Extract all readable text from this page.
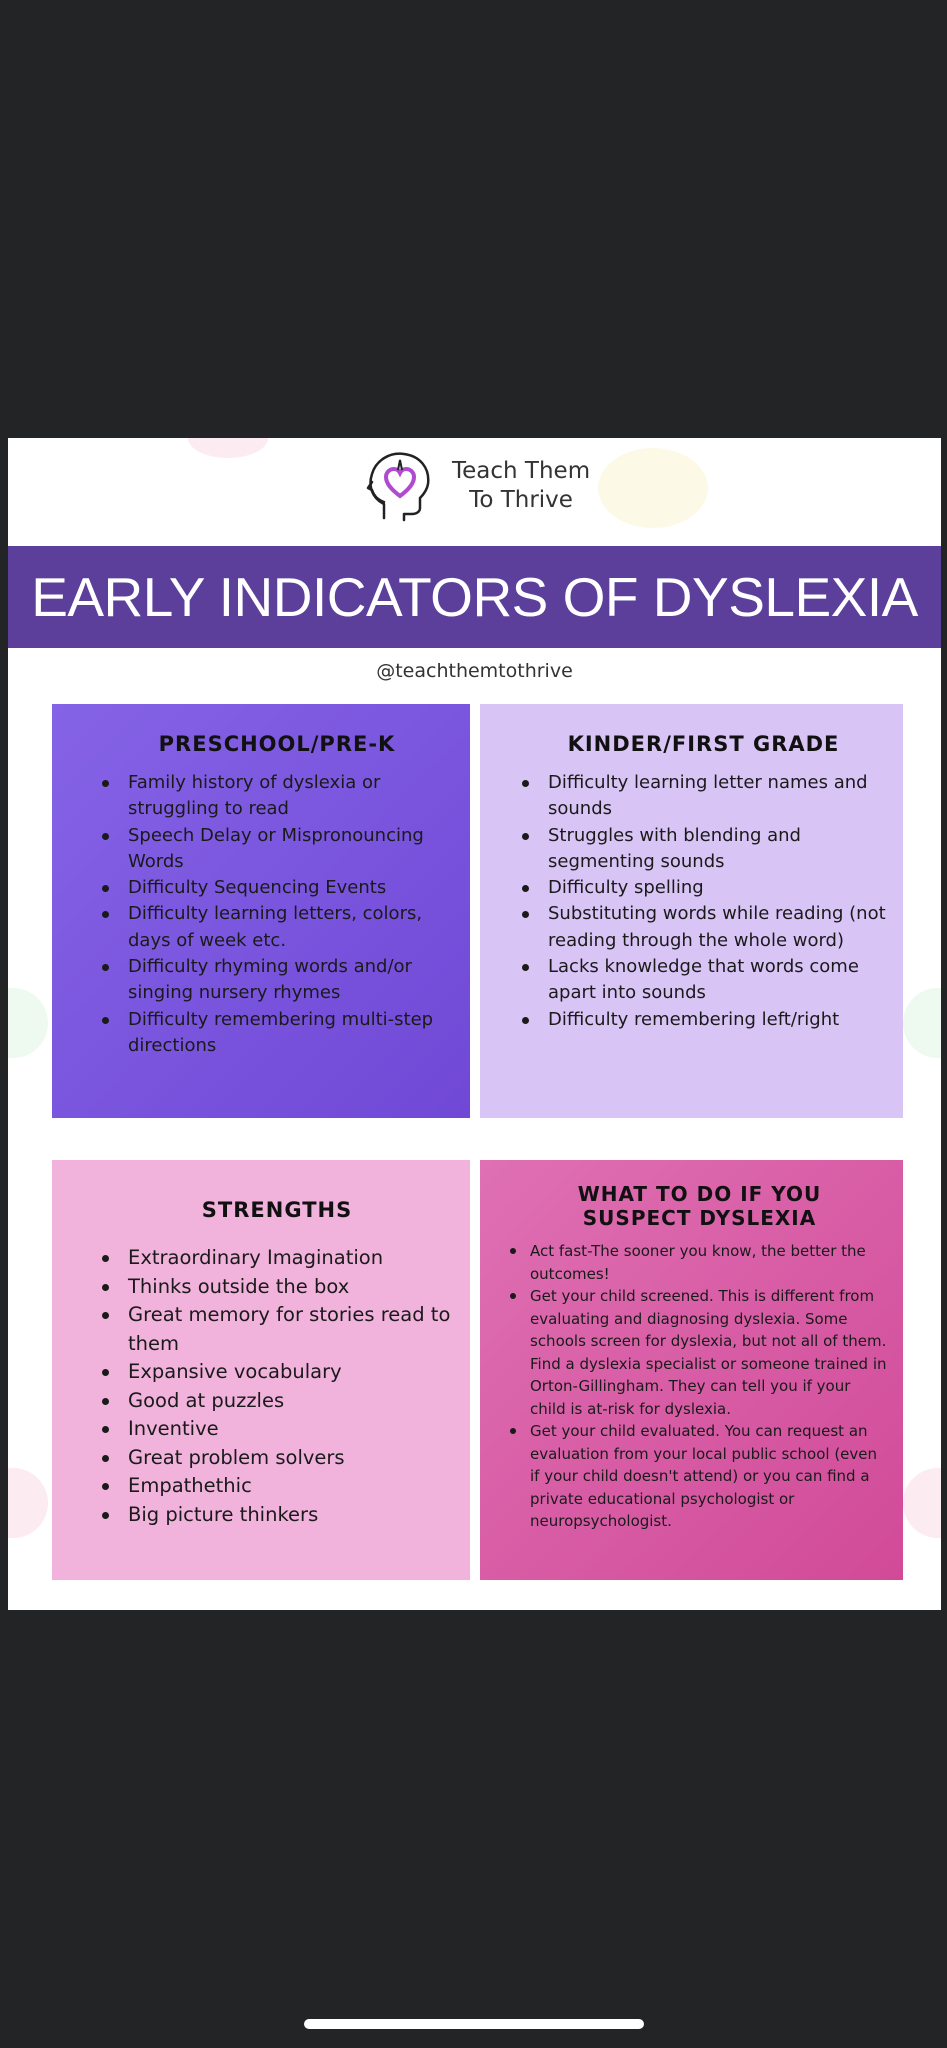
Teach Them
To Thrive
EARLY INDICATORS OF DYSLEXIA
@teachthemtothrive
PRESCHOOL/PRE-K
Family history of dyslexia or struggling to read
Speech Delay or Mispronouncing Words
Difficulty Sequencing Events
Difficulty learning letters, colors, days of week etc.
Difficulty rhyming words and/or singing nursery rhymes
Difficulty remembering multi-step directions
KINDER/FIRST GRADE
Difficulty learning letter names and sounds
Struggles with blending and segmenting sounds
Difficulty spelling
Substituting words while reading (not reading through the whole word)
Lacks knowledge that words come apart into sounds
Difficulty remembering left/right
STRENGTHS
Extraordinary Imagination
Thinks outside the box
Great memory for stories read to them
Expansive vocabulary
Good at puzzles
Inventive
Great problem solvers
Empathethic
Big picture thinkers
WHAT TO DO IF YOU
SUSPECT DYSLEXIA
Act fast-The sooner you know, the better the outcomes!
Get your child screened. This is different from evaluating and diagnosing dyslexia. Some schools screen for dyslexia, but not all of them. Find a dyslexia specialist or someone trained in Orton-Gillingham. They can tell you if your child is at-risk for dyslexia.
Get your child evaluated. You can request an evaluation from your local public school (even if your child doesn't attend) or you can find a private educational psychologist or neuropsychologist.
